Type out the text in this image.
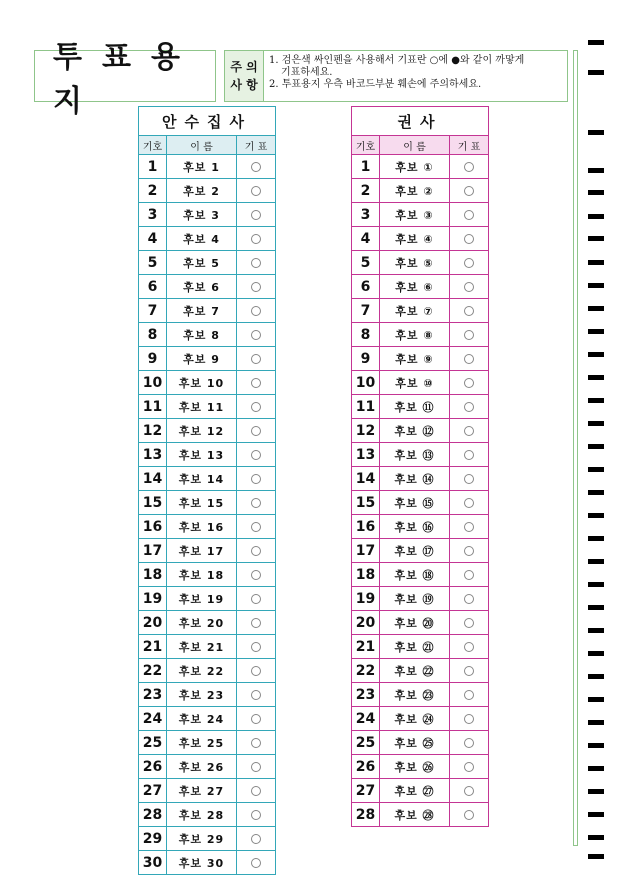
투표용지
주 의
사 항
1. 검은색 싸인펜을 사용해서 기표란 ○에 ●와 같이 까맣게
기표하세요.
2. 투표용지 우측 바코드부분 훼손에 주의하세요.
안수집사
기호	이 름	기 표
1	후보 1
2	후보 2
3	후보 3
4	후보 4
5	후보 5
6	후보 6
7	후보 7
8	후보 8
9	후보 9
10	후보 10
11	후보 11
12	후보 12
13	후보 13
14	후보 14
15	후보 15
16	후보 16
17	후보 17
18	후보 18
19	후보 19
20	후보 20
21	후보 21
22	후보 22
23	후보 23
24	후보 24
25	후보 25
26	후보 26
27	후보 27
28	후보 28
29	후보 29
30	후보 30
권사
기호	이 름	기 표
1	후보 ①
2	후보 ②
3	후보 ③
4	후보 ④
5	후보 ⑤
6	후보 ⑥
7	후보 ⑦
8	후보 ⑧
9	후보 ⑨
10	후보 ⑩
11	후보 ⑪
12	후보 ⑫
13	후보 ⑬
14	후보 ⑭
15	후보 ⑮
16	후보 ⑯
17	후보 ⑰
18	후보 ⑱
19	후보 ⑲
20	후보 ⑳
21	후보 ㉑
22	후보 ㉒
23	후보 ㉓
24	후보 ㉔
25	후보 ㉕
26	후보 ㉖
27	후보 ㉗
28	후보 ㉘
